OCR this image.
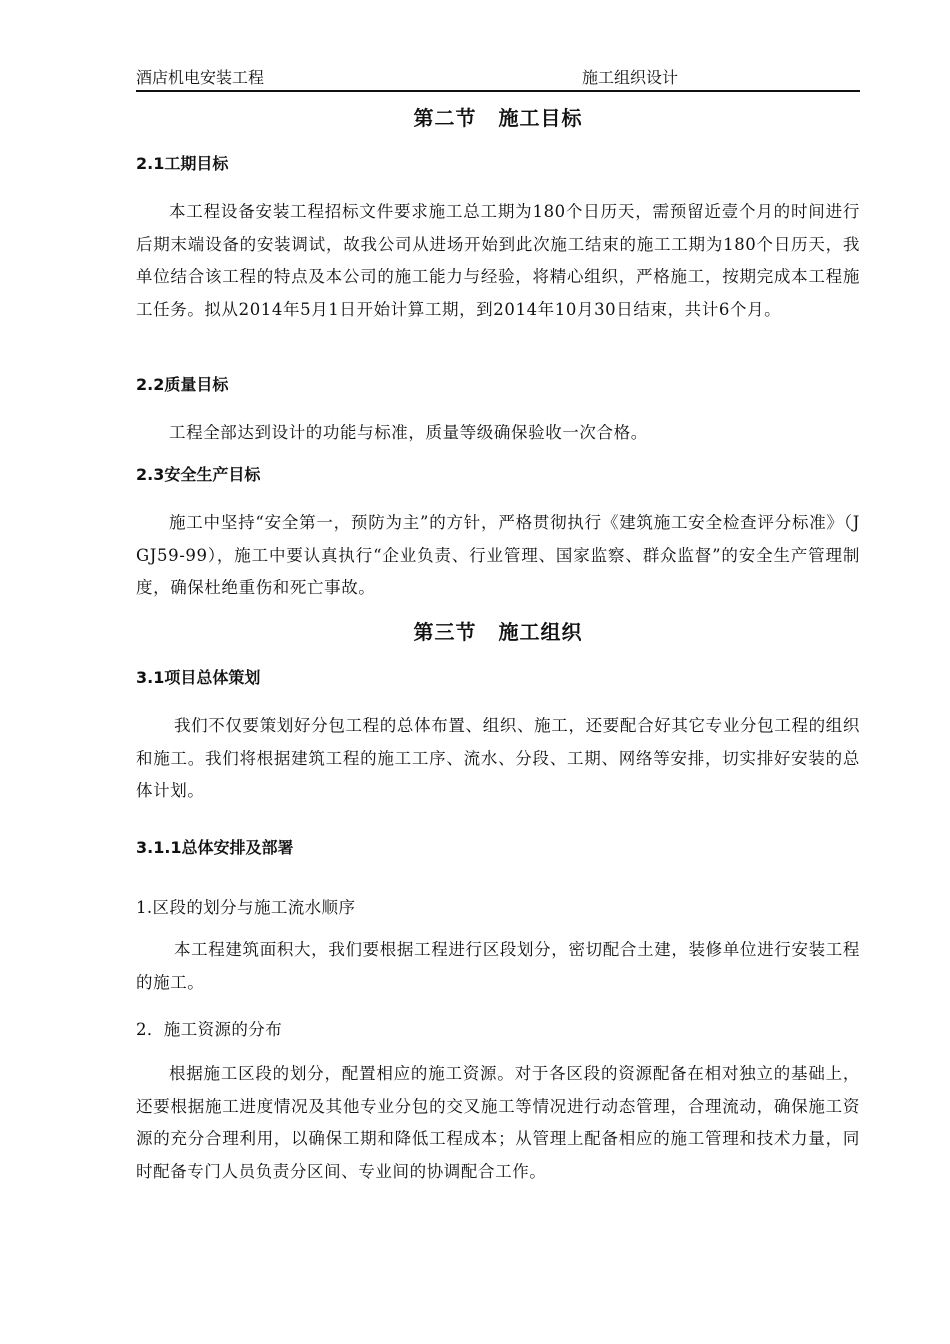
酒店机电安装工程	施工组织设计
第二节 施工目标
2.1工期目标

本工程设备安装工程招标文件要求施工总工期为180个日历天，需预留近壹个月的时间进行后期末端设备的安装调试，故我公司从进场开始到此次施工结束的施工工期为180个日历天，我单位结合该工程的特点及本公司的施工能力与经验，将精心组织，严格施工，按期完成本工程施工任务。拟从2014年5月1日开始计算工期，到2014年10月30日结束，共计6个月。

2.2质量目标

工程全部达到设计的功能与标准，质量等级确保验收一次合格。

2.3安全生产目标

施工中坚持“安全第一，预防为主”的方针，严格贯彻执行《建筑施工安全检查评分标准》（JGJ59-99），施工中要认真执行“企业负责、行业管理、国家监察、群众监督”的安全生产管理制度，确保杜绝重伤和死亡事故。

第三节 施工组织
3.1项目总体策划

我们不仅要策划好分包工程的总体布置、组织、施工，还要配合好其它专业分包工程的组织和施工。我们将根据建筑工程的施工工序、流水、分段、工期、网络等安排，切实排好安装的总体计划。

3.1.1总体安排及部署
1.区段的划分与施工流水顺序

本工程建筑面积大，我们要根据工程进行区段划分，密切配合土建，装修单位进行安装工程的施工。

2．施工资源的分布

根据施工区段的划分，配置相应的施工资源。对于各区段的资源配备在相对独立的基础上，还要根据施工进度情况及其他专业分包的交叉施工等情况进行动态管理，合理流动，确保施工资源的充分合理利用，以确保工期和降低工程成本；从管理上配备相应的施工管理和技术力量，同时配备专门人员负责分区间、专业间的协调配合工作。
